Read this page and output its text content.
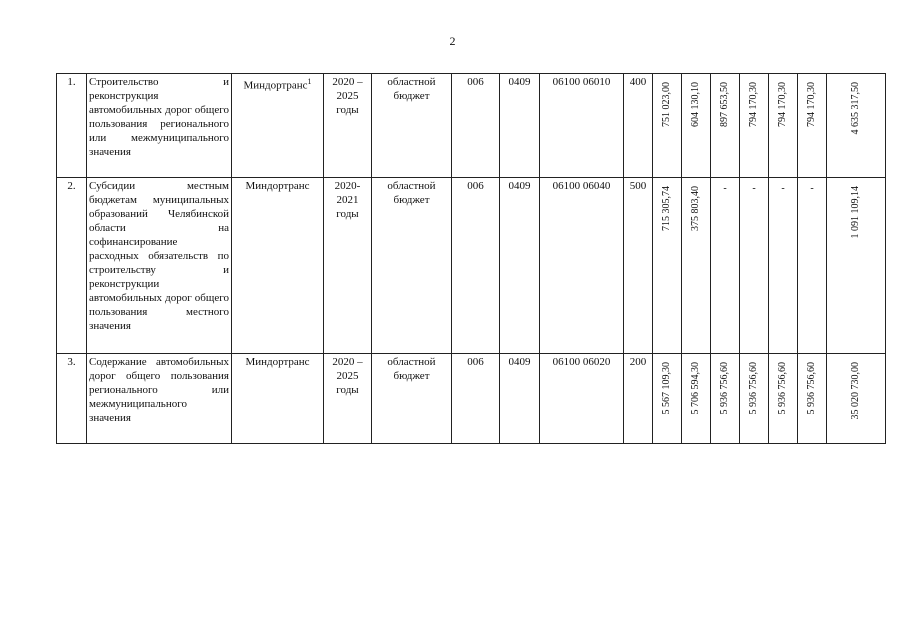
2
1.	Строительство и реконструкция автомобильных дорог общего пользования регионального или межмуниципального значения	Миндортранс$^1$	2020 – 2025 годы	областной бюджет	006	0409	06100 06010	400	751 023,00	604 130,10	897 653,50	794 170,30	794 170,30	794 170,30	4 635 317,50

2.	Субсидии местным бюджетам муниципальных образований Челябинской области на софинансирование расходных обязательств по строительству и реконструкции автомобильных дорог общего пользования местного значения	Миндортранс	2020- 2021 годы	областной бюджет	006	0409	06100 06040	500	715 305,74	375 803,40	-	-	-	-	1 091 109,14

3.	Содержание автомобильных дорог общего пользования регионального или межмуниципального значения	Миндортранс	2020 – 2025 годы	областной бюджет	006	0409	06100 06020	200	5 567 109,30	5 706 594,30	5 936 756,60	5 936 756,60	5 936 756,60	5 936 756,60	35 020 730,00
